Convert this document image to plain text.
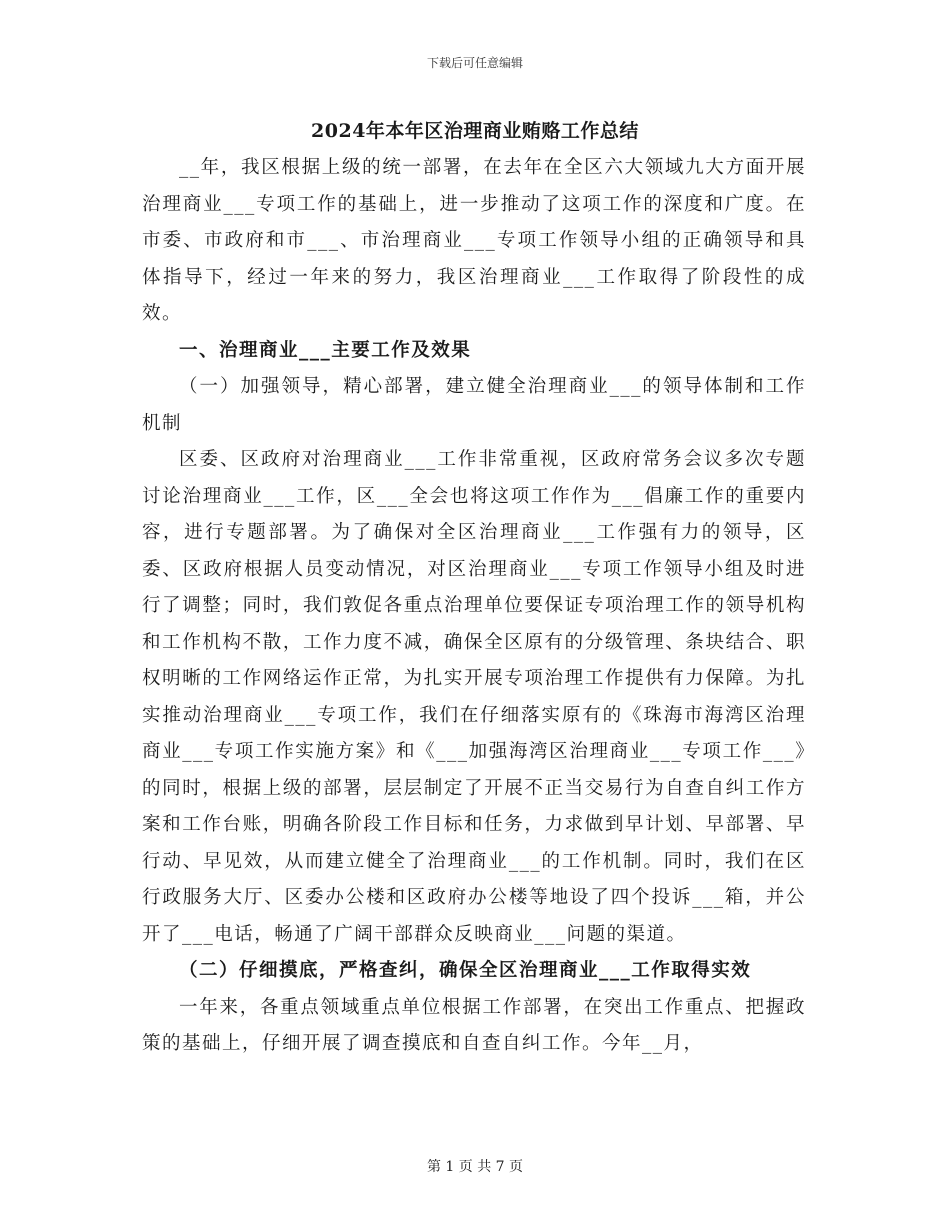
下载后可任意编辑
2024年本年区治理商业贿赂工作总结

__年，我区根据上级的统一部署，在去年在全区六大领域九大方面开展治理商业___专项工作的基础上，进一步推动了这项工作的深度和广度。在市委、市政府和市___、市治理商业___专项工作领导小组的正确领导和具体指导下，经过一年来的努力，我区治理商业___工作取得了阶段性的成效。

一、治理商业___主要工作及效果

（一）加强领导，精心部署，建立健全治理商业___的领导体制和工作机制

区委、区政府对治理商业___工作非常重视，区政府常务会议多次专题讨论治理商业___工作，区___全会也将这项工作作为___倡廉工作的重要内容，进行专题部署。为了确保对全区治理商业___工作强有力的领导，区委、区政府根据人员变动情况，对区治理商业___专项工作领导小组及时进行了调整；同时，我们敦促各重点治理单位要保证专项治理工作的领导机构和工作机构不散，工作力度不减，确保全区原有的分级管理、条块结合、职权明晰的工作网络运作正常，为扎实开展专项治理工作提供有力保障。为扎实推动治理商业___专项工作，我们在仔细落实原有的《珠海市海湾区治理商业___专项工作实施方案》和《___加强海湾区治理商业___专项工作___》的同时，根据上级的部署，层层制定了开展不正当交易行为自查自纠工作方案和工作台账，明确各阶段工作目标和任务，力求做到早计划、早部署、早行动、早见效，从而建立健全了治理商业___的工作机制。同时，我们在区行政服务大厅、区委办公楼和区政府办公楼等地设了四个投诉___箱，并公开了___电话，畅通了广阔干部群众反映商业___问题的渠道。

（二）仔细摸底，严格查纠，确保全区治理商业___工作取得实效

一年来，各重点领域重点单位根据工作部署，在突出工作重点、把握政策的基础上，仔细开展了调查摸底和自查自纠工作。今年__月，

第 1 页 共 7 页
